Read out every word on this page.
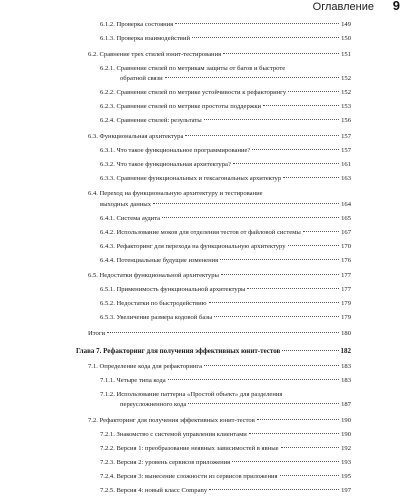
Оглавление 9
6.1.2. Проверка состояния	149
6.1.3. Проверка взаимодействий	150
6.2. Сравнение трех стилей юнит-тестирования	151
6.2.1. Сравнение стилей по метрикам защиты от багов и быстроте
обратной связи	152
6.2.2. Сравнение стилей по метрике устойчивости к рефакторингу	152
6.2.3. Сравнение стилей по метрике простоты поддержки	153
6.2.4. Сравнение стилей: результаты	156
6.3. Функциональная архитектура	157
6.3.1. Что такое функциональное программирование?	157
6.3.2. Что такое функциональная архитектура?	161
6.3.3. Сравнение функциональных и гексагональных архитектур	163
6.4. Переход на функциональную архитектуру и тестирование
выходных данных	164
6.4.1. Система аудита	165
6.4.2. Использование моков для отделения тестов от файловой системы	167
6.4.3. Рефакторинг для перехода на функциональную архитектуру	170
6.4.4. Потенциальные будущие изменения	176
6.5. Недостатки функциональной архитектуры	177
6.5.1. Применимость функциональной архитектуры	177
6.5.2. Недостатки по быстродействию	179
6.5.3. Увеличение размера кодовой базы	179
Итоги	180
Глава 7. Рефакторинг для получения эффективных юнит-тестов	182
7.1. Определение кода для рефакторинга	183
7.1.1. Четыре типа кода	183
7.1.2. Использование паттерна «Простой объект» для разделения
переусложненного кода	187
7.2. Рефакторинг для получения эффективных юнит-тестов	190
7.2.1. Знакомство с системой управления клиентами	190
7.2.2. Версия 1: преобразование неявных зависимостей в явные	192
7.2.3. Версия 2: уровень сервисов приложения	193
7.2.4. Версия 3: вынесение сложности из сервисов приложения	195
7.2.5. Версия 4: новый класс Company	197
